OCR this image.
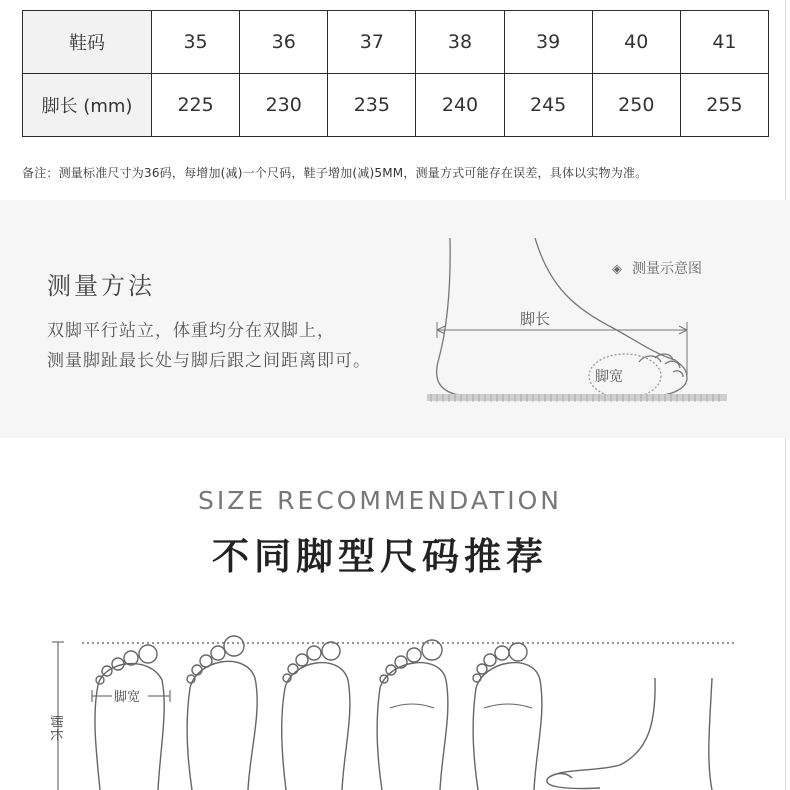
鞋码	35	36	37	38	39	40	41
脚长 (mm)	225	230	235	240	245	250	255
备注：测量标准尺寸为36码，每增加(减)一个尺码，鞋子增加(减)5MM，测量方式可能存在误差，具体以实物为准。
测量方法
双脚平行站立，体重均分在双脚上，
测量脚趾最长处与脚后跟之间距离即可。
◈ 测量示意图
脚长
脚宽
SIZE RECOMMENDATION
不同脚型尺码推荐
脚长
脚宽
